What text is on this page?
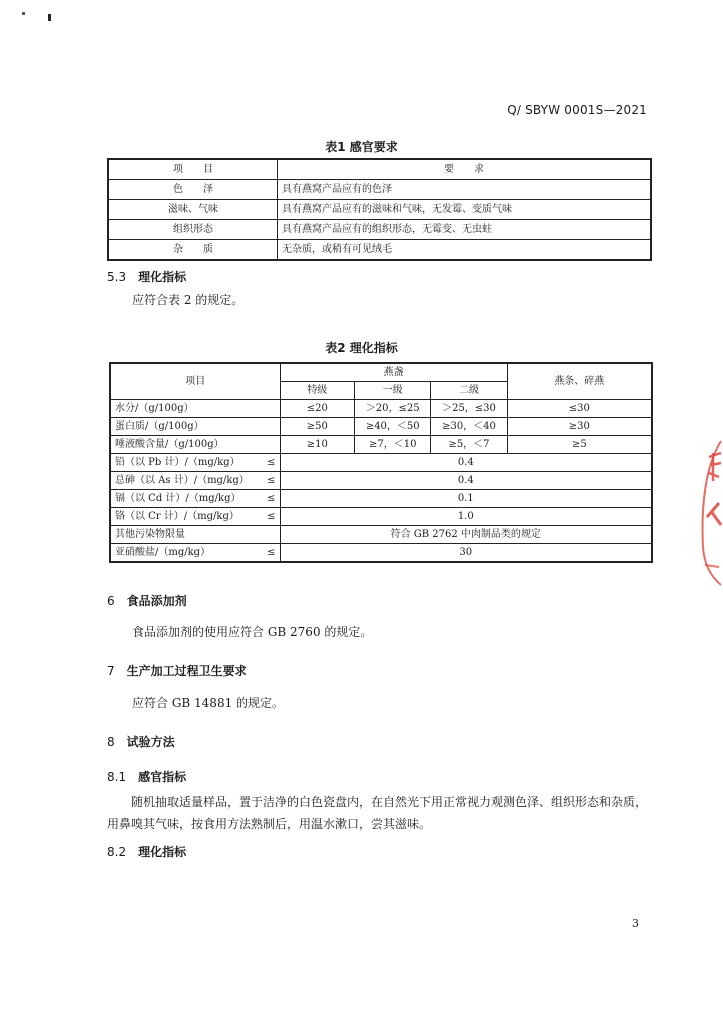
Q/ SBYW 0001S—2021
表1 感官要求
项　　目	要　　求
色　　泽	具有燕窝产品应有的色泽
滋味、气味	具有燕窝产品应有的滋味和气味，无发霉、变质气味
组织形态	具有燕窝产品应有的组织形态，无霉变、无虫蛀
杂　　质	无杂质，或稍有可见绒毛
5.3 理化指标
应符合表 2 的规定。
表2 理化指标
项目	燕盏			燕条、碎燕
	特级	一级	二级	
水分/（g/100g）	≤20	＞20，≤25	＞25，≤30	≤30
蛋白质/（g/100g）	≥50	≥40，＜50	≥30，＜40	≥30
唾液酸含量/（g/100g）	≥10	≥7，＜10	≥5，＜7	≥5
铅（以 Pb 计）/（mg/kg） ≤	0.4			
总砷（以 As 计）/（mg/kg） ≤	0.4			
镉（以 Cd 计）/（mg/kg） ≤	0.1			
铬（以 Cr 计）/（mg/kg） ≤	1.0			
其他污染物限量	符合 GB 2762 中肉制品类的规定			
亚硝酸盐/（mg/kg） ≤	30			
6 食品添加剂
食品添加剂的使用应符合 GB 2760 的规定。
7 生产加工过程卫生要求
应符合 GB 14881 的规定。
8 试验方法
8.1 感官指标
随机抽取适量样品，置于洁净的白色瓷盘内，在自然光下用正常视力观测色泽、组织形态和杂质，用鼻嗅其气味，按食用方法熟制后，用温水漱口，尝其滋味。
8.2 理化指标
3
